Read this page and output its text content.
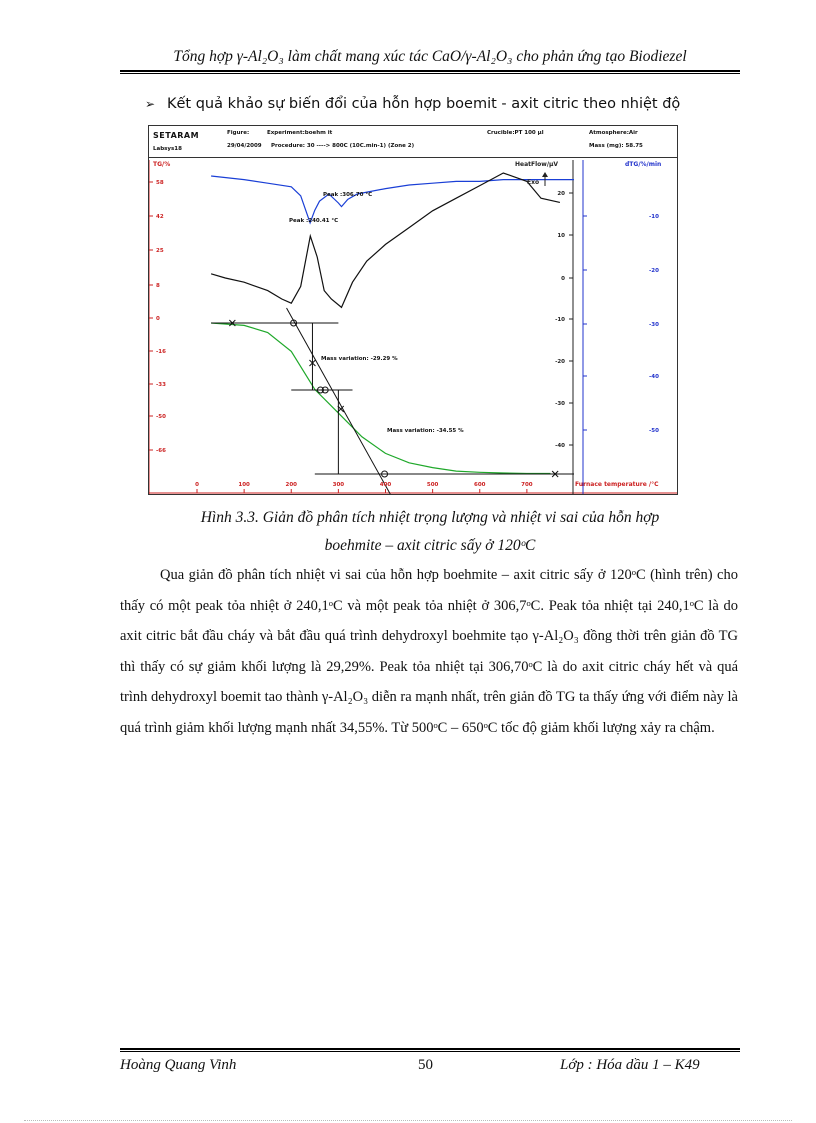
Tổng hợp γ-Al₂O₃ làm chất mang xúc tác CaO/γ-Al₂O₃ cho phản ứng tạo Biodiezel
➢ Kết quả khảo sự biến đổi của hỗn hợp boemit - axit citric theo nhiệt độ
SETARAM
Labsys18
Figure:	Experiment:boehm it
29/04/2009 Procedure: 30 ----> 800C (10C.min-1) (Zone 2)
Crucible:PT 100 µl	Atmosphere:Air
Mass (mg): 58.75
58
42
25
8
0
-16
-33
-50
-66
TG/%
0	100	200	300	400	500	600	700	Furnace temperature /°C
20
10
0
-10
-20
-30
-40
HeatFlow/µV
Exo
-10
-20
-30
-40
-50
dTG/%/min
Peak :306.70 °C
Peak :240.41 °C
Mass variation: -29.29 %
Mass variation: -34.55 %
Hình 3.3. Giản đồ phân tích nhiệt trọng lượng và nhiệt vi sai của hỗn hợp
boehmite – axit citric sấy ở 120ᵒC

Qua giản đồ phân tích nhiệt vi sai của hỗn hợp boehmite – axit citric sấy ở 120ᵒC (hình trên) cho thấy có một peak tỏa nhiệt ở 240,1ᵒC và một peak tỏa nhiệt ở 306,7ᵒC. Peak tỏa nhiệt tại 240,1ᵒC là do axit citric bắt đầu cháy và bắt đầu quá trình dehydroxyl boehmite tạo γ-Al₂O₃ đồng thời trên giản đồ TG thì thấy có sự giảm khối lượng là 29,29%. Peak tỏa nhiệt tại 306,70ᵒC là do axit citric cháy hết và quá trình dehydroxyl boemit tao thành γ-Al₂O₃ diễn ra mạnh nhất, trên giản đồ TG ta thấy ứng với điểm này là quá trình giảm khối lượng mạnh nhất 34,55%. Từ 500ᵒC – 650ᵒC tốc độ giảm khối lượng xảy ra chậm.

Hoàng Quang Vinh	50	Lớp : Hóa dầu 1 – K49
